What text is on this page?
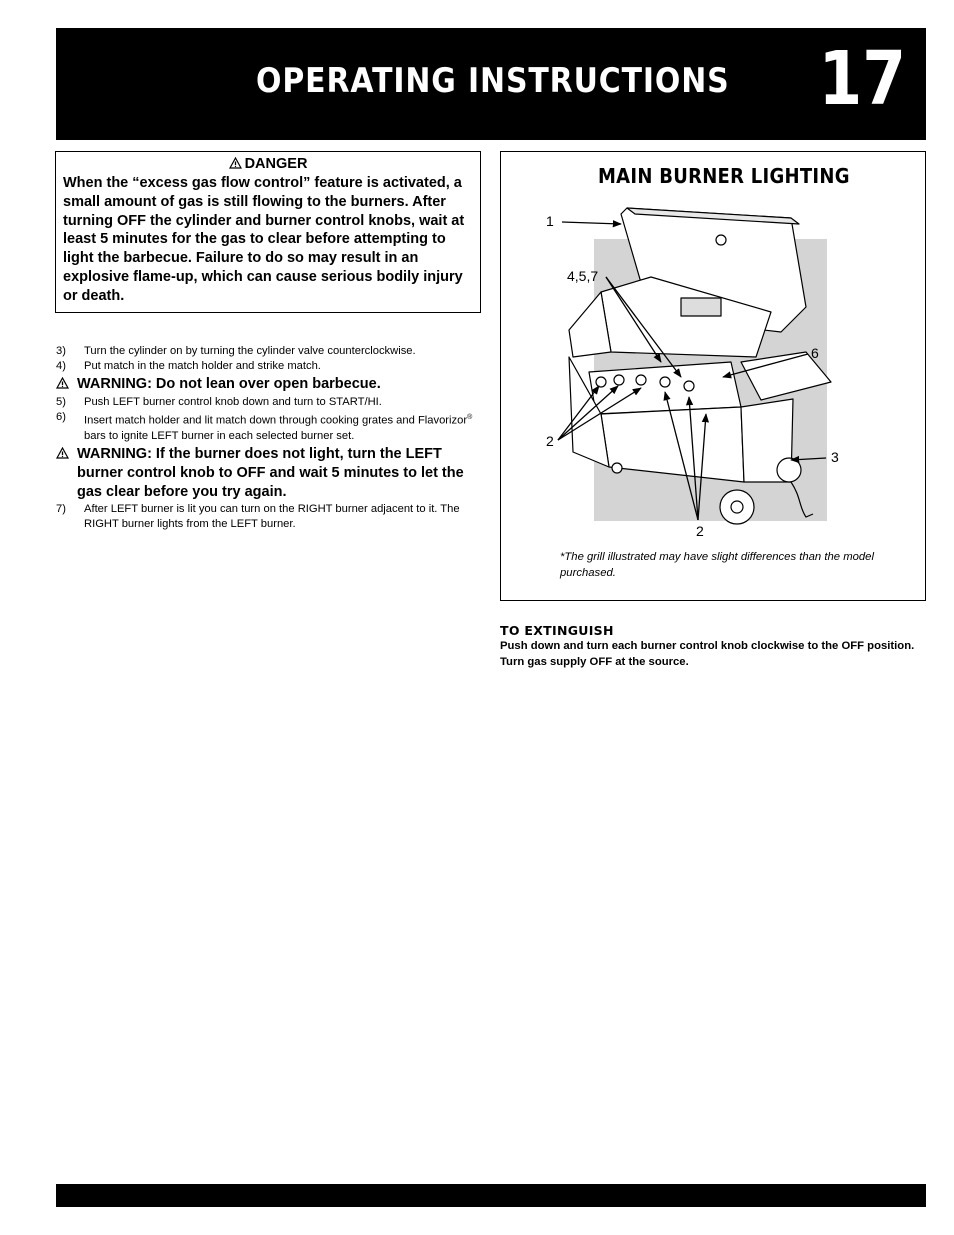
OPERATING INSTRUCTIONS 17
DANGER
When the “excess gas flow control” feature is activated, a small amount of gas is still flowing to the burners. After turning OFF the cylinder and burner control knobs, wait at least 5 minutes for the gas to clear before attempting to light the barbecue. Failure to do so may result in an explosive flame-up, which can cause serious bodily injury or death.
3) Turn the cylinder on by turning the cylinder valve counterclockwise.
4) Put match in the match holder and strike match.
WARNING: Do not lean over open barbecue.
5) Push LEFT burner control knob down and turn to START/HI.
6) Insert match holder and lit match down through cooking grates and Flavorizor® bars to ignite LEFT burner in each selected burner set.
WARNING: If the burner does not light, turn the LEFT burner control knob to OFF and wait 5 minutes to let the gas clear before you try again.
7) After LEFT burner is lit you can turn on the RIGHT burner adjacent to it. The RIGHT burner lights from the LEFT burner.
MAIN BURNER LIGHTING
1
4,5,7
6
2
3
2
*The grill illustrated may have slight differences than the model purchased.
TO EXTINGUISH
Push down and turn each burner control knob clockwise to the OFF position. Turn gas supply OFF at the source.
